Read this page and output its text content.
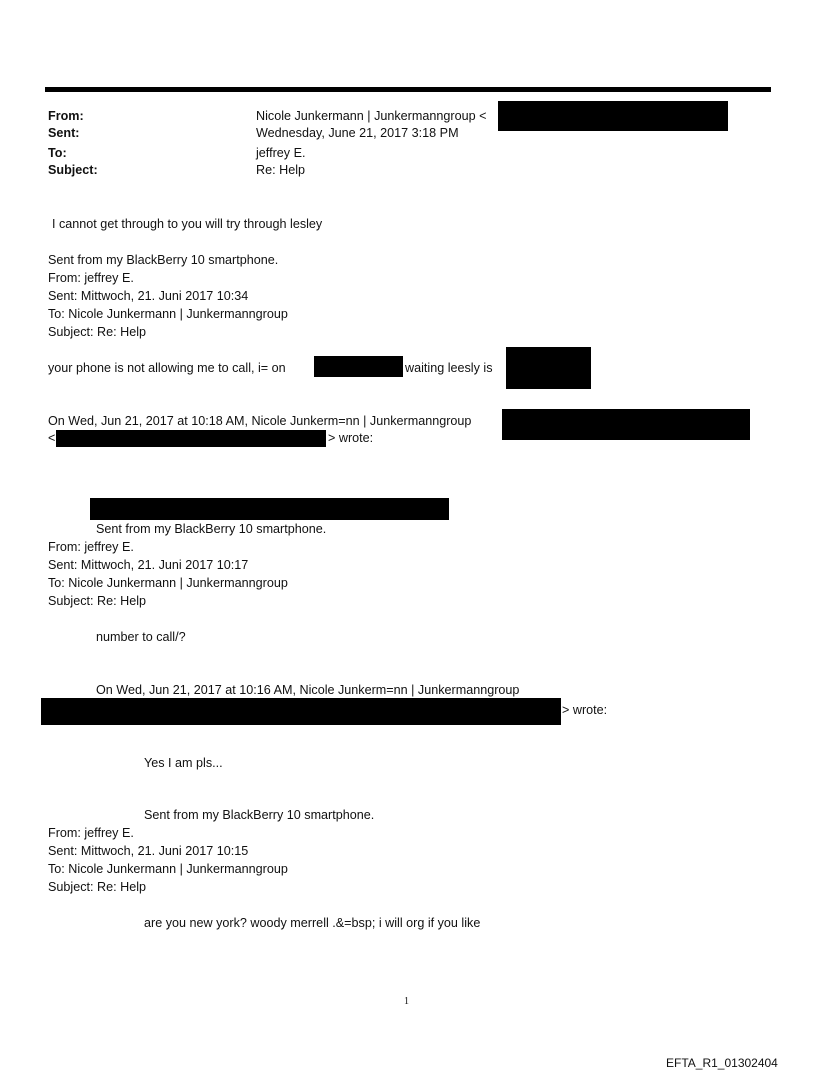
From:	Nicole Junkermann | Junkermanngroup <
Sent:	Wednesday, June 21, 2017 3:18 PM
To:	jeffrey E.
Subject:	Re: Help
I cannot get through to you will try through lesley
Sent from my BlackBerry 10 smartphone.
From: jeffrey E.
Sent: Mittwoch, 21. Juni 2017 10:34
To: Nicole Junkermann | Junkermanngroup
Subject: Re: Help
your phone is not allowing me to call, i= on	waiting leesly is
On Wed, Jun 21, 2017 at 10:18 AM, Nicole Junkerm=nn | Junkermanngroup
<	> wrote:
Sent from my BlackBerry 10 smartphone.
From: jeffrey E.
Sent: Mittwoch, 21. Juni 2017 10:17
To: Nicole Junkermann | Junkermanngroup
Subject: Re: Help
number to call/?
On Wed, Jun 21, 2017 at 10:16 AM, Nicole Junkerm=nn | Junkermanngroup
> wrote:
Yes I am pls...
Sent from my BlackBerry 10 smartphone.
From: jeffrey E.
Sent: Mittwoch, 21. Juni 2017 10:15
To: Nicole Junkermann | Junkermanngroup
Subject: Re: Help
are you new york? woody merrell .&=bsp; i will org if you like
1
EFTA_R1_01302404
